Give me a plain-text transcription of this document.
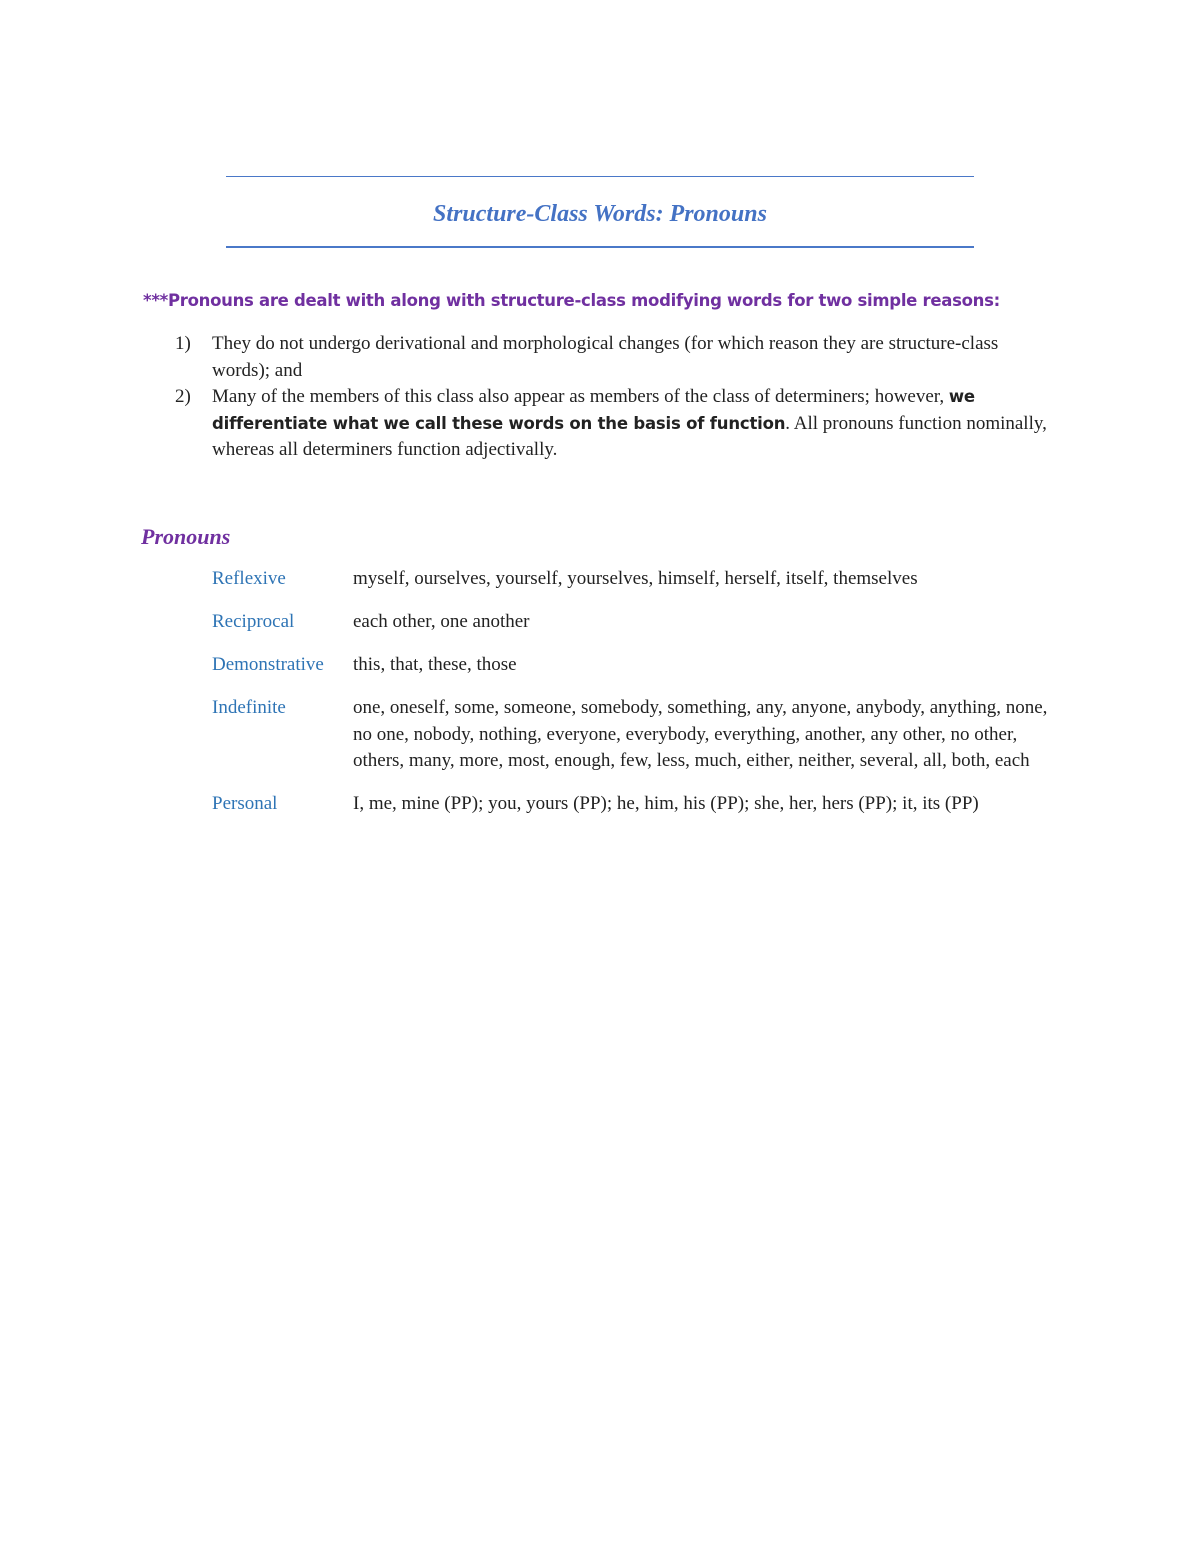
Structure-Class Words: Pronouns

***Pronouns are dealt with along with structure-class modifying words for two simple reasons:

1)	They do not undergo derivational and morphological changes (for which reason they are structure-class words); and
2)	Many of the members of this class also appear as members of the class of determiners; however, we differentiate what we call these words on the basis of function. All pronouns function nominally, whereas all determiners function adjectivally.
Pronouns
Reflexive	myself, ourselves, yourself, yourselves, himself, herself, itself, themselves
Reciprocal	each other, one another
Demonstrative	this, that, these, those
Indefinite	one, oneself, some, someone, somebody, something, any, anyone, anybody, anything, none, no one, nobody, nothing, everyone, everybody, everything, another, any other, no other, others, many, more, most, enough, few, less, much, either, neither, several, all, both, each
Personal	I, me, mine (PP); you, yours (PP); he, him, his (PP); she, her, hers (PP); it, its (PP)
